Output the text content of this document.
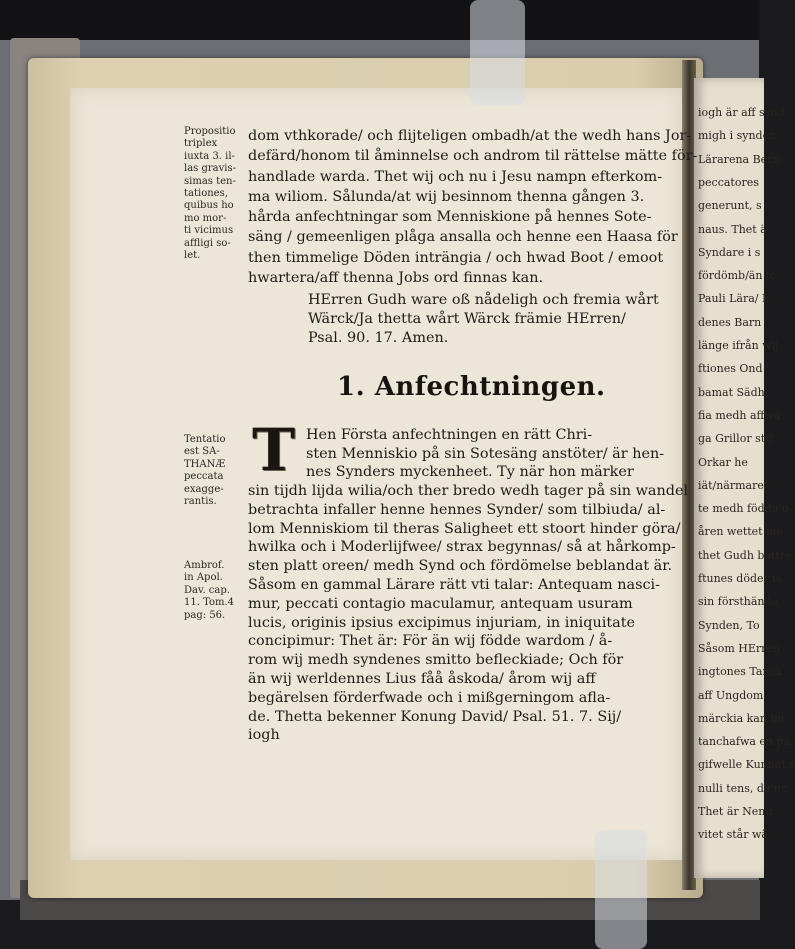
iogh är aff synd
migh i synden
Lärarena Bern
peccatores
generunt, s
naus. Thet ä
Syndare i s
fördömb/än ic
Pauli Lära/ E
denes Barn
länge ifrån wij
ftiones Ond
bamat Sädh
fia medh affwa
ga Grillor stif
Orkar he
iät/närmare/
te medh födda o
åren wettet me
thet Gudh bättre
ftunes döder ie
sin försthände
Synden, To
Såsom HErren
ingtones Tanck
aff Ungdom
märckia kan hu
tanchafwa en pa
gifwelle Kunnat s
nulli tens, de nc
Thet är Nenn
vitet står wä
Propositio
triplex
iuxta 3. il-
las gravis-
simas ten-
tationes,
quibus ho
mo mor-
ti vicimus
affligi so-
let.
Tentatio
est SA-
THANÆ
peccata
exagge-
rantis.
Ambrof.
in Apol.
Dav. cap.
11. Tom.4
pag: 56.
dom vthkorade/ och flijteligen ombadh/at the wedh hans Jor-
defärd/honom til åminnelse och androm til rättelse mätte för-
handlade warda. Thet wij och nu i Jesu nampn efterkom-
ma wiliom. Sålunda/at wij besinnom thenna gången 3.
hårda anfechtningar som Menniskione på hennes Sote-
säng / gemeenligen plåga ansalla och henne een Haasa för
then timmelige Döden inträngia / och hwad Boot / emoot
hwartera/aff thenna Jobs ord finnas kan.
HErren Gudh ware oß nådeligh och fremia wårt
Wärck/Ja thetta wårt Wärck främie HErren/
Psal. 90. 17. Amen.
1. Anfechtningen.
T Hen Första anfechtningen en rätt Chri-
sten Menniskio på sin Sotesäng anstöter/ är hen-
nes Synders myckenheet. Ty när hon märker
sin tijdh lijda wilia/och ther bredo wedh tager på sin wandel
betrachta infaller henne hennes Synder/ som tilbiuda/ al-
lom Menniskiom til theras Saligheet ett stoort hinder göra/
hwilka och i Moderlijfwee/ strax begynnas/ så at hårkomp-
sten platt oreen/ medh Synd och fördömelse beblandat är.
Såsom en gammal Lärare rätt vti talar: Antequam nasci-
mur, peccati contagio maculamur, antequam usuram
lucis, originis ipsius excipimus injuriam, in iniquitate
concipimur: Thet är: För än wij födde wardom / å-
rom wij medh syndenes smitto befleckiade; Och för
än wij werldennes Lius fåå åskoda/ årom wij aff
begärelsen förderfwade och i mißgerningom afla-
de. Thetta bekenner Konung David/ Psal. 51. 7. Sij/
iogh
